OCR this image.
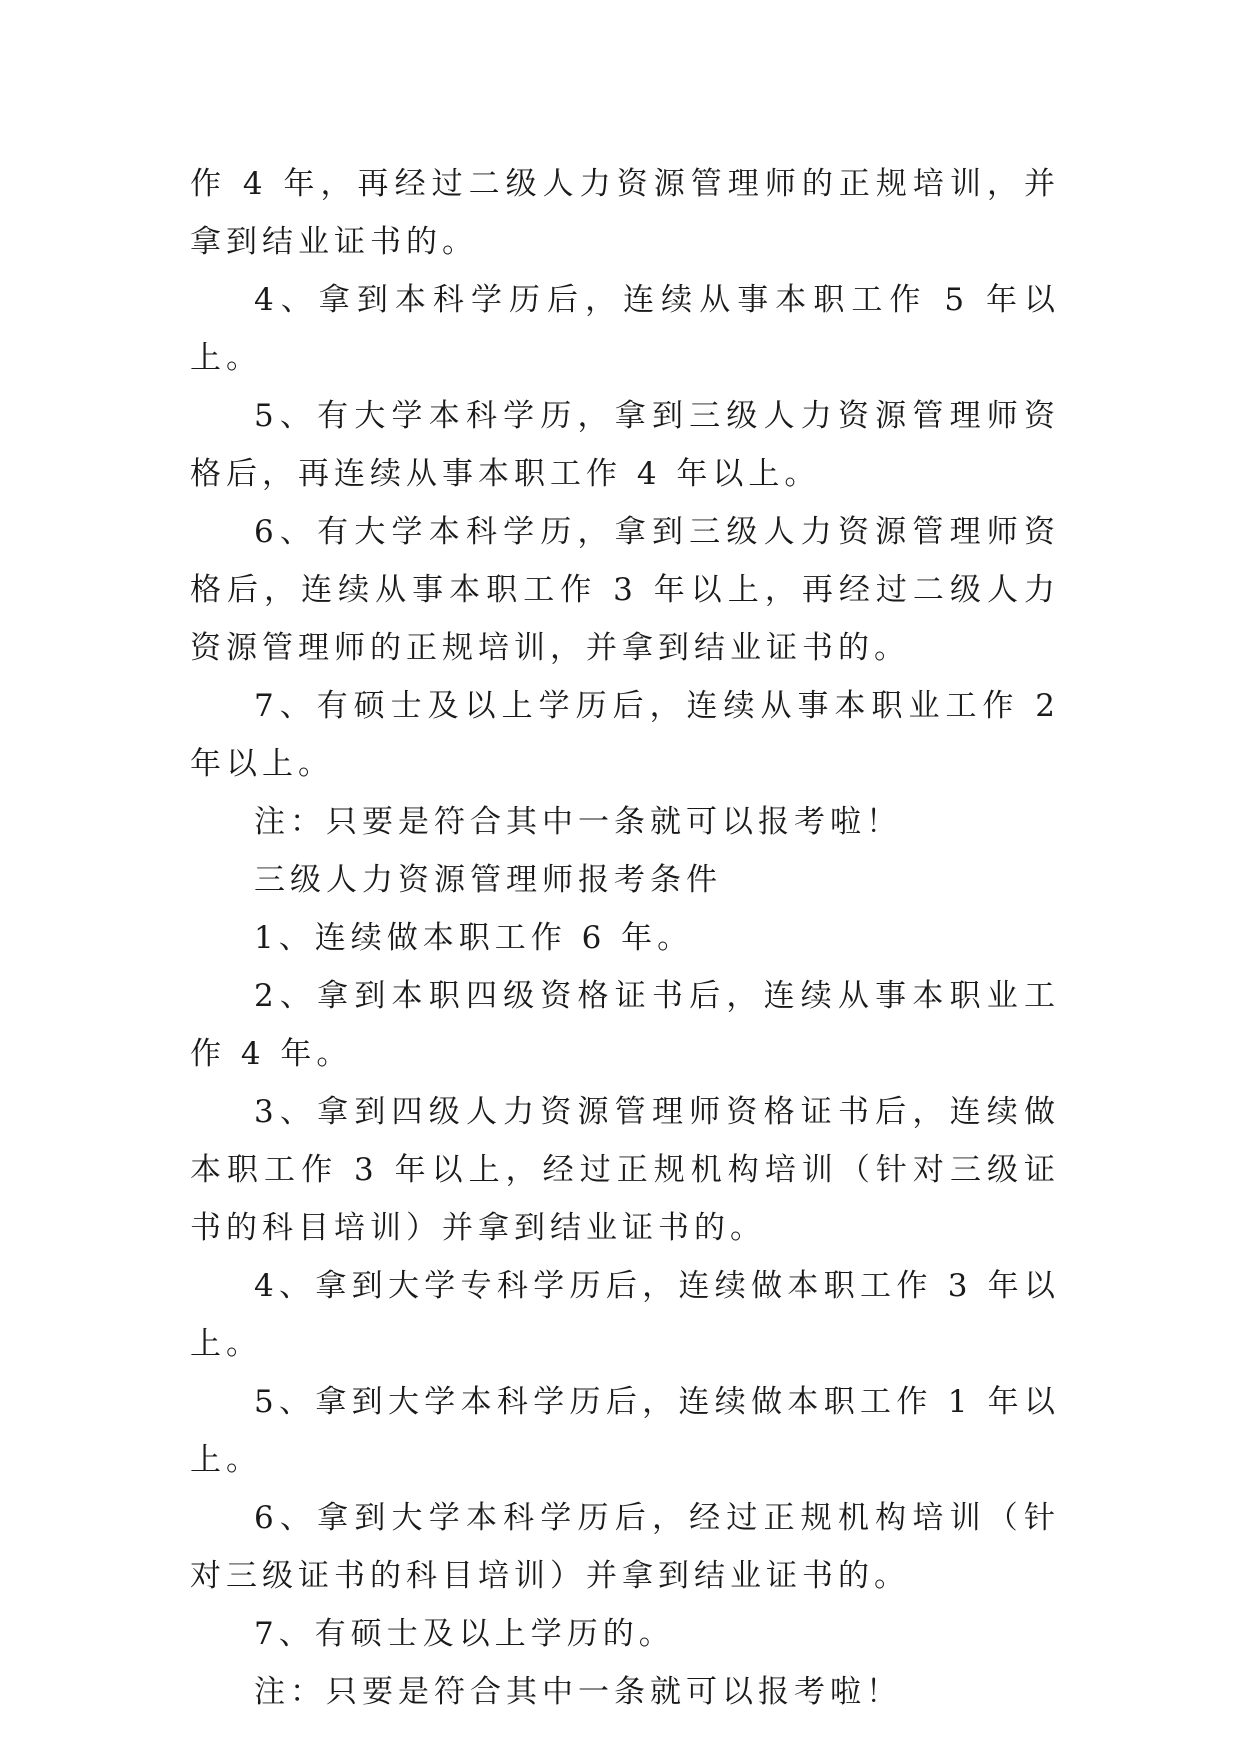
作 4 年，再经过二级人力资源管理师的正规培训，并拿到结业证书的。

4、拿到本科学历后，连续从事本职工作 5 年以上。

5、有大学本科学历，拿到三级人力资源管理师资格后，再连续从事本职工作 4 年以上。

6、有大学本科学历，拿到三级人力资源管理师资格后，连续从事本职工作 3 年以上，再经过二级人力资源管理师的正规培训，并拿到结业证书的。

7、有硕士及以上学历后，连续从事本职业工作 2 年以上。

注：只要是符合其中一条就可以报考啦！

三级人力资源管理师报考条件

1、连续做本职工作 6 年。

2、拿到本职四级资格证书后，连续从事本职业工作 4 年。

3、拿到四级人力资源管理师资格证书后，连续做本职工作 3 年以上，经过正规机构培训（针对三级证书的科目培训）并拿到结业证书的。

4、拿到大学专科学历后，连续做本职工作 3 年以上。

5、拿到大学本科学历后，连续做本职工作 1 年以上。

6、拿到大学本科学历后，经过正规机构培训（针对三级证书的科目培训）并拿到结业证书的。

7、有硕士及以上学历的。

注：只要是符合其中一条就可以报考啦！
